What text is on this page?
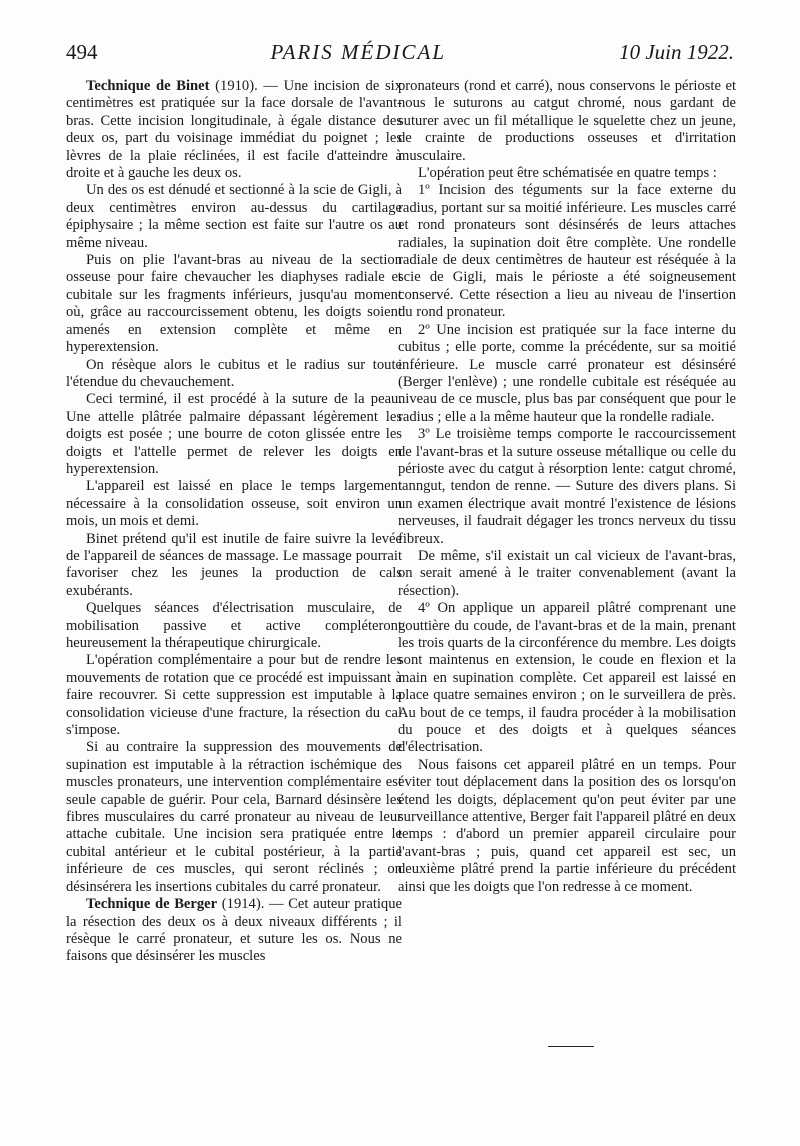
494	PARIS MÉDICAL	10 Juin 1922.

Technique de Binet (1910). — Une incision de six centimètres est pratiquée sur la face dorsale de l'avant-bras. Cette incision longitudinale, à égale distance des deux os, part du voisinage immédiat du poignet ; les lèvres de la plaie réclinées, il est facile d'atteindre à droite et à gauche les deux os.

Un des os est dénudé et sectionné à la scie de Gigli, à deux centimètres environ au-dessus du cartilage épiphysaire ; la même section est faite sur l'autre os au même niveau.

Puis on plie l'avant-bras au niveau de la section osseuse pour faire chevaucher les diaphyses radiale et cubitale sur les fragments inférieurs, jusqu'au moment où, grâce au raccourcissement obtenu, les doigts soient amenés en extension complète et même en hyperextension.

On résèque alors le cubitus et le radius sur toute l'étendue du chevauchement.

Ceci terminé, il est procédé à la suture de la peau. Une attelle plâtrée palmaire dépassant légèrement les doigts est posée ; une bourre de coton glissée entre les doigts et l'attelle permet de relever les doigts en hyperextension.

L'appareil est laissé en place le temps largement nécessaire à la consolidation osseuse, soit environ un mois, un mois et demi.

Binet prétend qu'il est inutile de faire suivre la levée de l'appareil de séances de massage. Le massage pourrait favoriser chez les jeunes la production de cals exubérants.

Quelques séances d'électrisation musculaire, de mobilisation passive et active compléteront heureusement la thérapeutique chirurgicale.

L'opération complémentaire a pour but de rendre les mouvements de rotation que ce procédé est impuissant à faire recouvrer. Si cette suppression est imputable à la consolidation vicieuse d'une fracture, la résection du cal s'impose.

Si au contraire la suppression des mouvements de supination est imputable à la rétraction ischémique des muscles pronateurs, une intervention complémentaire est seule capable de guérir. Pour cela, Barnard désinsère les fibres musculaires du carré pronateur au niveau de leur attache cubitale. Une incision sera pratiquée entre le cubital antérieur et le cubital postérieur, à la partie inférieure de ces muscles, qui seront réclinés ; on désinsérera les insertions cubitales du carré pronateur.

Technique de Berger (1914). — Cet auteur pratique la résection des deux os à deux niveaux différents ; il résèque le carré pronateur, et suture les os. Nous ne faisons que désinsérer les muscles

pronateurs (rond et carré), nous conservons le périoste et nous le suturons au catgut chromé, nous gardant de suturer avec un fil métallique le squelette chez un jeune, de crainte de productions osseuses et d'irritation musculaire.

L'opération peut être schématisée en quatre temps :

1º Incision des téguments sur la face externe du radius, portant sur sa moitié inférieure. Les muscles carré et rond pronateurs sont désinsérés de leurs attaches radiales, la supination doit être complète. Une rondelle radiale de deux centimètres de hauteur est réséquée à la scie de Gigli, mais le périoste a été soigneusement conservé. Cette résection a lieu au niveau de l'insertion du rond pronateur.

2º Une incision est pratiquée sur la face interne du cubitus ; elle porte, comme la précédente, sur sa moitié inférieure. Le muscle carré pronateur est désinséré (Berger l'enlève) ; une rondelle cubitale est réséquée au niveau de ce muscle, plus bas par conséquent que pour le radius ; elle a la même hauteur que la rondelle radiale.

3º Le troisième temps comporte le raccourcissement de l'avant-bras et la suture osseuse métallique ou celle du périoste avec du catgut à résorption lente: catgut chromé, tanngut, tendon de renne. — Suture des divers plans. Si un examen électrique avait montré l'existence de lésions nerveuses, il faudrait dégager les troncs nerveux du tissu fibreux.

De même, s'il existait un cal vicieux de l'avant-bras, on serait amené à le traiter convenablement (avant la résection).

4º On applique un appareil plâtré comprenant une gouttière du coude, de l'avant-bras et de la main, prenant les trois quarts de la circonférence du membre. Les doigts sont maintenus en extension, le coude en flexion et la main en supination complète. Cet appareil est laissé en place quatre semaines environ ; on le surveillera de près. Au bout de ce temps, il faudra procéder à la mobilisation du pouce et des doigts et à quelques séances d'électrisation.

Nous faisons cet appareil plâtré en un temps. Pour éviter tout déplacement dans la position des os lorsqu'on étend les doigts, déplacement qu'on peut éviter par une surveillance attentive, Berger fait l'appareil plâtré en deux temps : d'abord un premier appareil circulaire pour l'avant-bras ; puis, quand cet appareil est sec, un deuxième plâtré prend la partie inférieure du précédent ainsi que les doigts que l'on redresse à ce moment.
